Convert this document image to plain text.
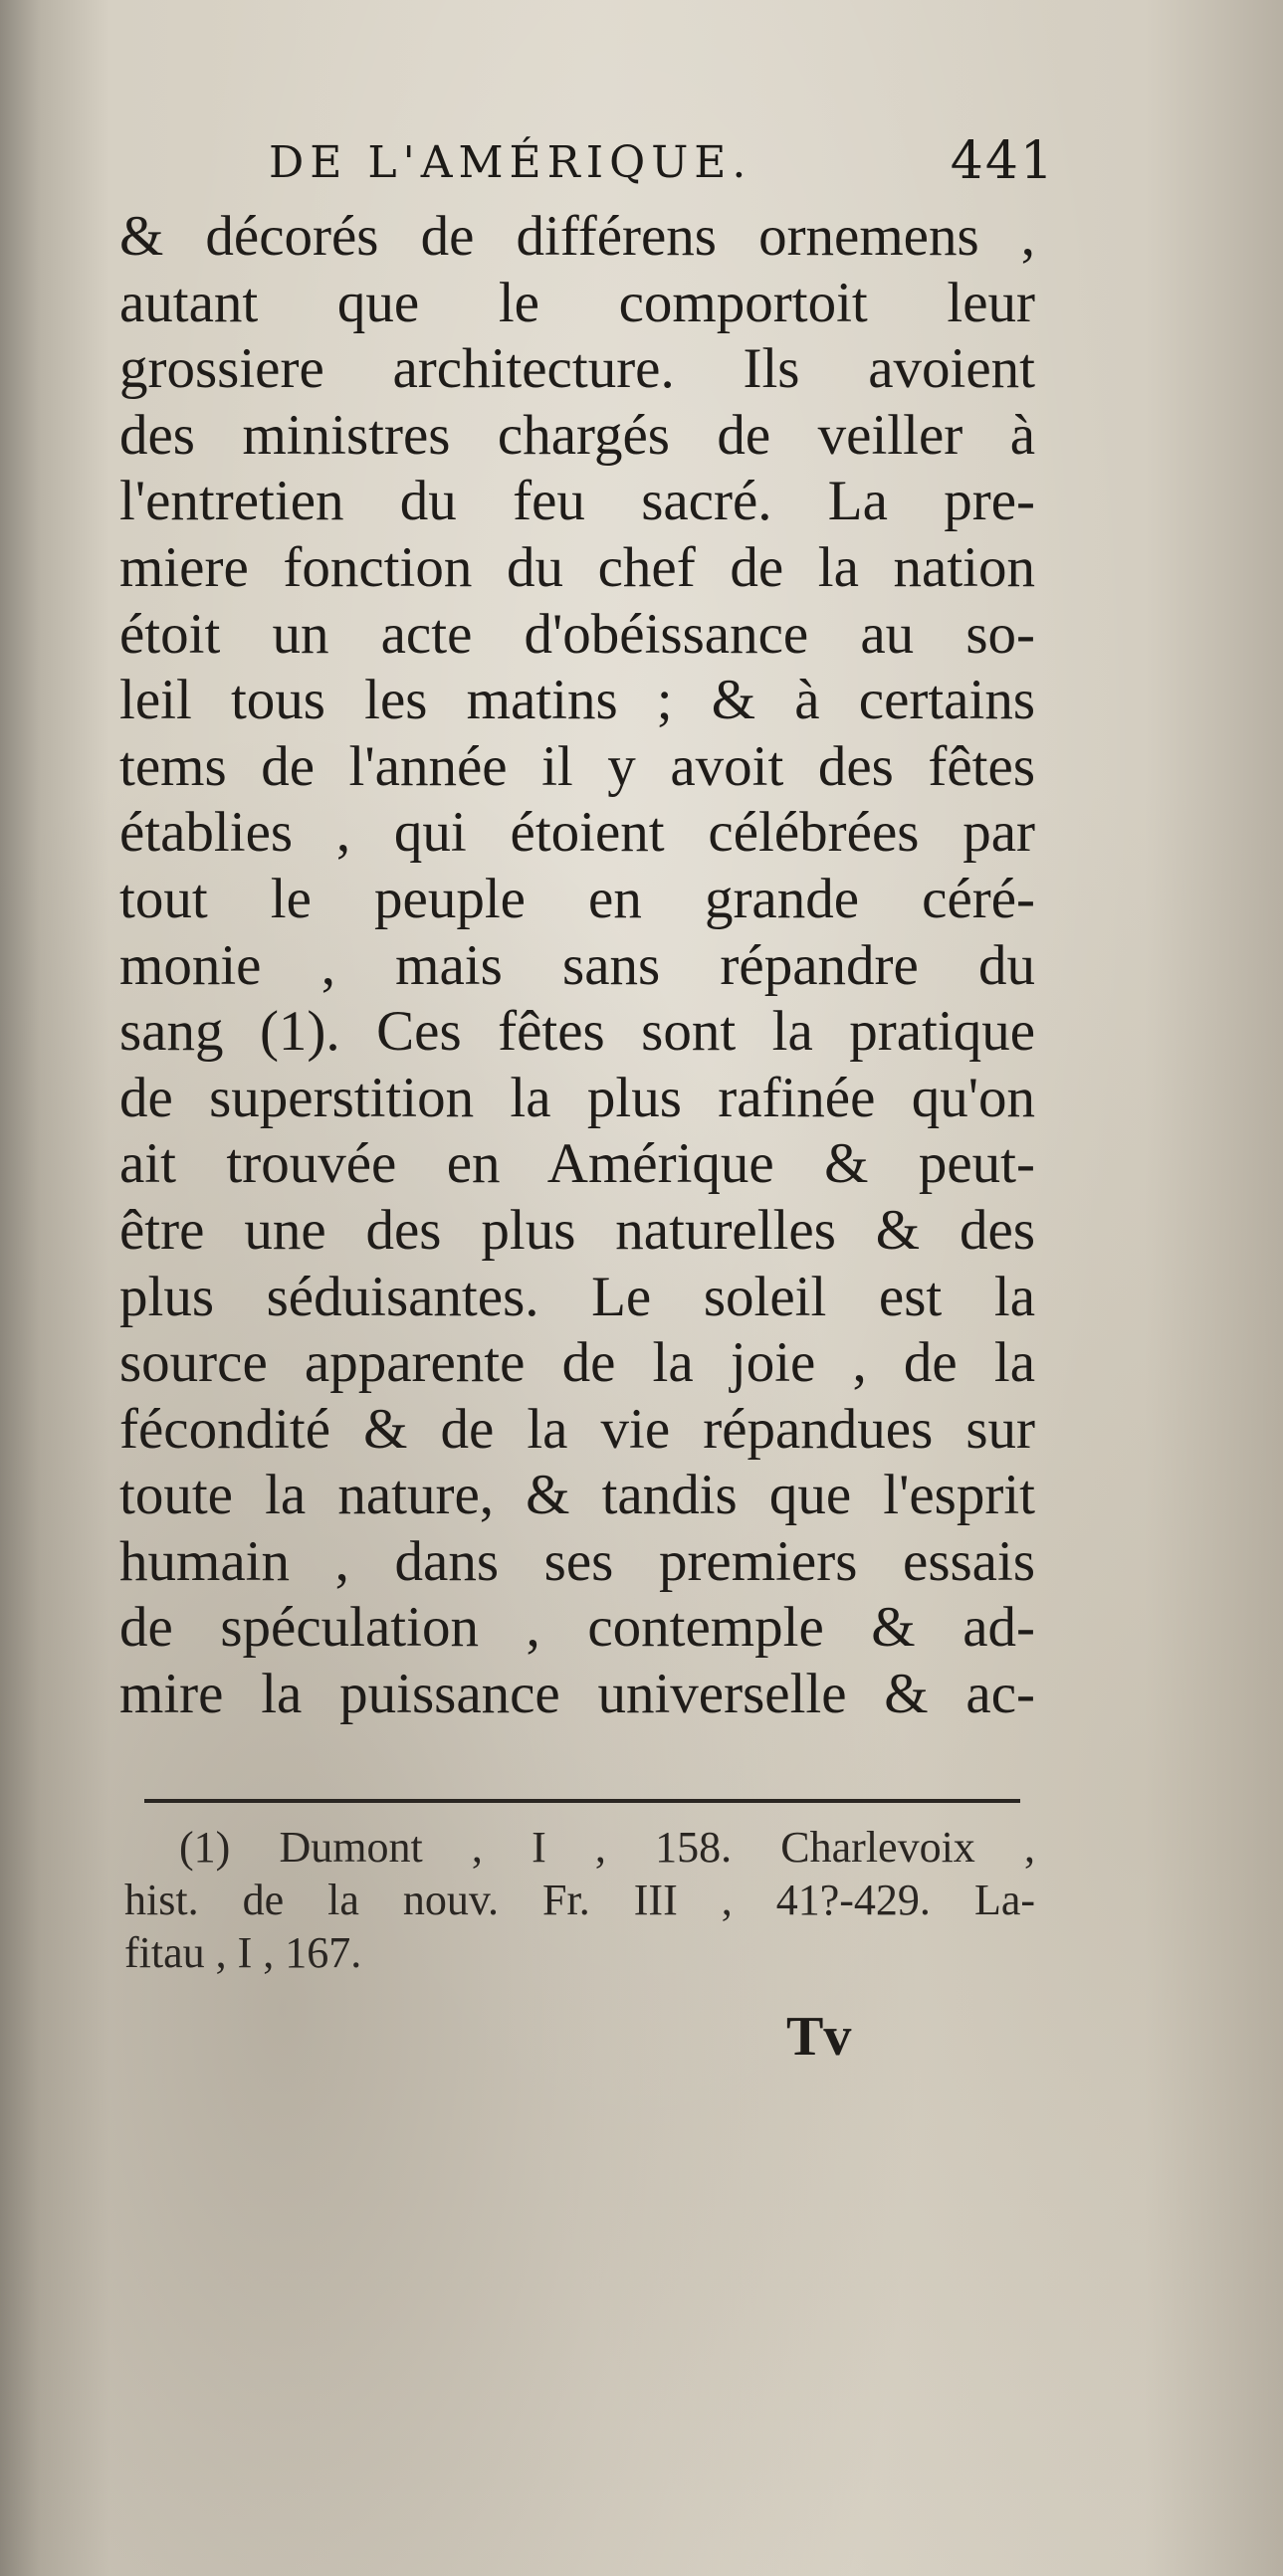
DE L'AMÉRIQUE.	441
& décorés de différens ornemens ,
autant que le comportoit leur
grossiere architecture. Ils avoient
des ministres chargés de veiller à
l'entretien du feu sacré. La pre-
miere fonction du chef de la nation
étoit un acte d'obéissance au so-
leil tous les matins ; & à certains
tems de l'année il y avoit des fêtes
établies , qui étoient célébrées par
tout le peuple en grande céré-
monie , mais sans répandre du
sang (1). Ces fêtes sont la pratique
de superstition la plus rafinée qu'on
ait trouvée en Amérique & peut-
être une des plus naturelles & des
plus séduisantes. Le soleil est la
source apparente de la joie , de la
fécondité & de la vie répandues sur
toute la nature, & tandis que l'esprit
humain , dans ses premiers essais
de spéculation , contemple & ad-
mire la puissance universelle & ac-
(1) Dumont , I , 158. Charlevoix ,
hist. de la nouv. Fr. III , 41?-429. La-
fitau , I , 167.
Tv
